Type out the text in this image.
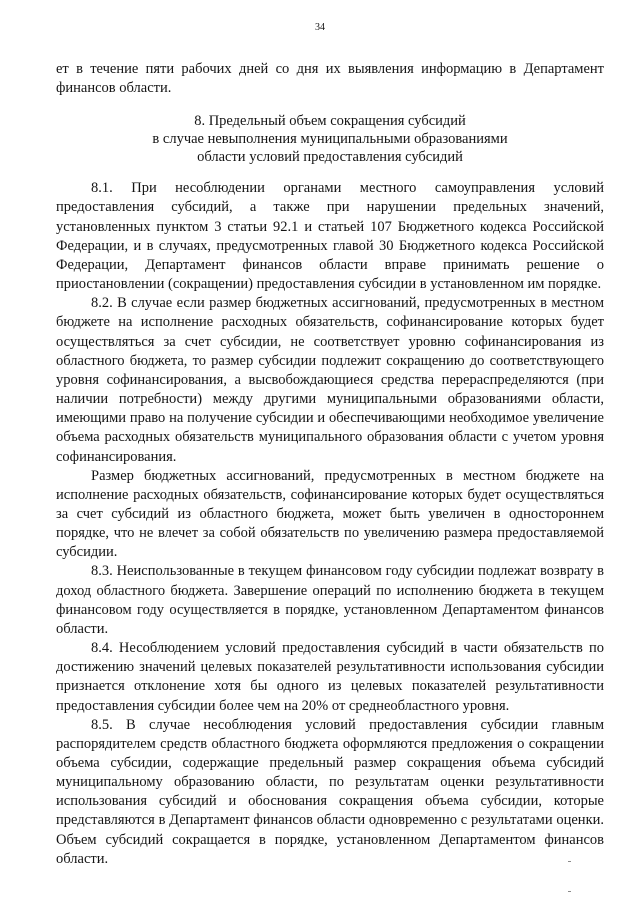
34

ет в течение пяти рабочих дней со дня их выявления информацию в Департамент финансов области.

8. Предельный объем сокращения субсидий
в случае невыполнения муниципальными образованиями
области условий предоставления субсидий

8.1. При несоблюдении органами местного самоуправления условий предоставления субсидий, а также при нарушении предельных значений, установленных пунктом 3 статьи 92.1 и статьей 107 Бюджетного кодекса Российской Федерации, и в случаях, предусмотренных главой 30 Бюджетного кодекса Российской Федерации, Департамент финансов области вправе принимать решение о приостановлении (сокращении) предоставления субсидии в установленном им порядке.

8.2. В случае если размер бюджетных ассигнований, предусмотренных в местном бюджете на исполнение расходных обязательств, софинансирование которых будет осуществляться за счет субсидии, не соответствует уровню софинансирования из областного бюджета, то размер субсидии подлежит сокращению до соответствующего уровня софинансирования, а высвобождающиеся средства перераспределяются (при наличии потребности) между другими муниципальными образованиями области, имеющими право на получение субсидии и обеспечивающими необходимое увеличение объема расходных обязательств муниципального образования области с учетом уровня софинансирования.

Размер бюджетных ассигнований, предусмотренных в местном бюджете на исполнение расходных обязательств, софинансирование которых будет осуществляться за счет субсидий из областного бюджета, может быть увеличен в одностороннем порядке, что не влечет за собой обязательств по увеличению размера предоставляемой субсидии.

8.3. Неиспользованные в текущем финансовом году субсидии подлежат возврату в доход областного бюджета. Завершение операций по исполнению бюджета в текущем финансовом году осуществляется в порядке, установленном Департаментом финансов области.

8.4. Несоблюдением условий предоставления субсидий в части обязательств по достижению значений целевых показателей результативности использования субсидии признается отклонение хотя бы одного из целевых показателей результативности предоставления субсидии более чем на 20% от среднеобластного уровня.

8.5. В случае несоблюдения условий предоставления субсидии главным распорядителем средств областного бюджета оформляются предложения о сокращении объема субсидии, содержащие предельный размер сокращения объема субсидий муниципальному образованию области, по результатам оценки результативности использования субсидий и обоснования сокращения объема субсидии, которые представляются в Департамент финансов области одновременно с результатами оценки. Объем субсидий сокращается в порядке, установленном Департаментом финансов области.
